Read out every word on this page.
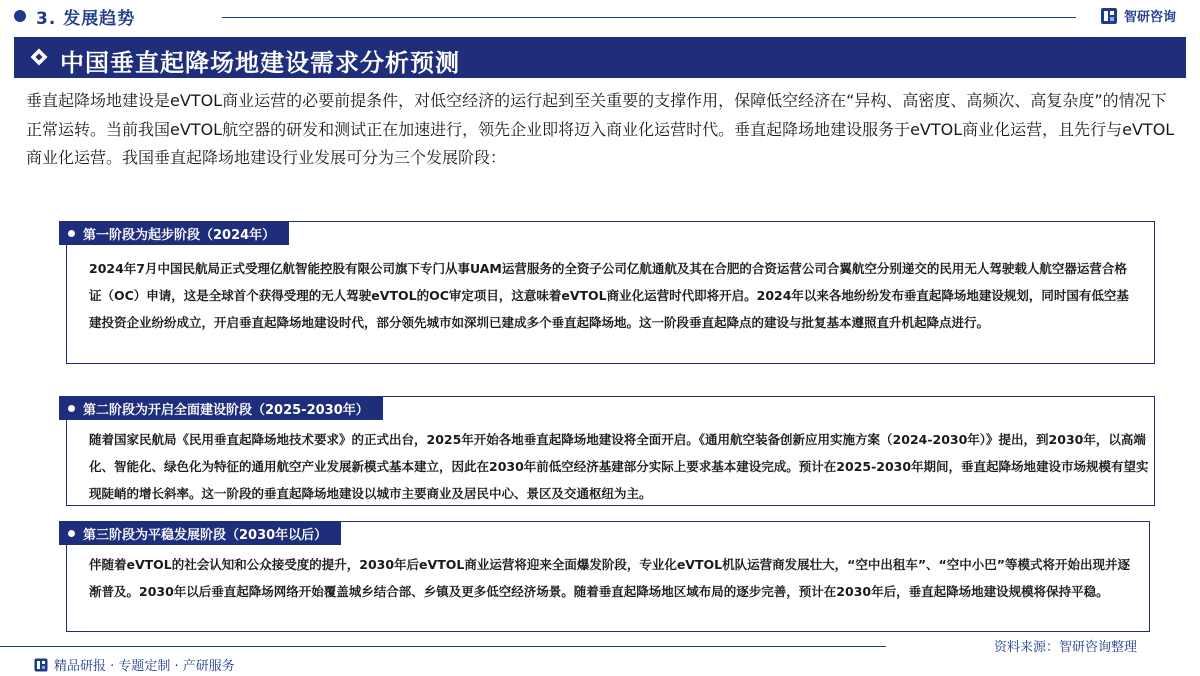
3. 发展趋势	智研咨询
中国垂直起降场地建设需求分析预测
垂直起降场地建设是eVTOL商业运营的必要前提条件，对低空经济的运行起到至关重要的支撑作用，保障低空经济在“异构、高密度、高频次、高复杂度”的情况下正常运转。当前我国eVTOL航空器的研发和测试正在加速进行，领先企业即将迈入商业化运营时代。垂直起降场地建设服务于eVTOL商业化运营，且先行与eVTOL商业化运营。我国垂直起降场地建设行业发展可分为三个发展阶段：
第一阶段为起步阶段（2024年）
2024年7月中国民航局正式受理亿航智能控股有限公司旗下专门从事UAM运营服务的全资子公司亿航通航及其在合肥的合资运营公司合翼航空分别递交的民用无人驾驶载人航空器运营合格证（OC）申请，这是全球首个获得受理的无人驾驶eVTOL的OC审定项目，这意味着eVTOL商业化运营时代即将开启。2024年以来各地纷纷发布垂直起降场地建设规划，同时国有低空基建投资企业纷纷成立，开启垂直起降场地建设时代，部分领先城市如深圳已建成多个垂直起降场地。这一阶段垂直起降点的建设与批复基本遵照直升机起降点进行。
第二阶段为开启全面建设阶段（2025-2030年）
随着国家民航局《民用垂直起降场地技术要求》的正式出台，2025年开始各地垂直起降场地建设将全面开启。《通用航空装备创新应用实施方案（2024-2030年）》提出，到2030年，以高端化、智能化、绿色化为特征的通用航空产业发展新模式基本建立，因此在2030年前低空经济基建部分实际上要求基本建设完成。预计在2025-2030年期间，垂直起降场地建设市场规模有望实现陡峭的增长斜率。这一阶段的垂直起降场地建设以城市主要商业及居民中心、景区及交通枢纽为主。
第三阶段为平稳发展阶段（2030年以后）
伴随着eVTOL的社会认知和公众接受度的提升，2030年后eVTOL商业运营将迎来全面爆发阶段，专业化eVTOL机队运营商发展壮大，“空中出租车”、“空中小巴”等模式将开始出现并逐渐普及。2030年以后垂直起降场网络开始覆盖城乡结合部、乡镇及更多低空经济场景。随着垂直起降场地区域布局的逐步完善，预计在2030年后，垂直起降场地建设规模将保持平稳。
资料来源：智研咨询整理
精品研报 · 专题定制 · 产研服务
